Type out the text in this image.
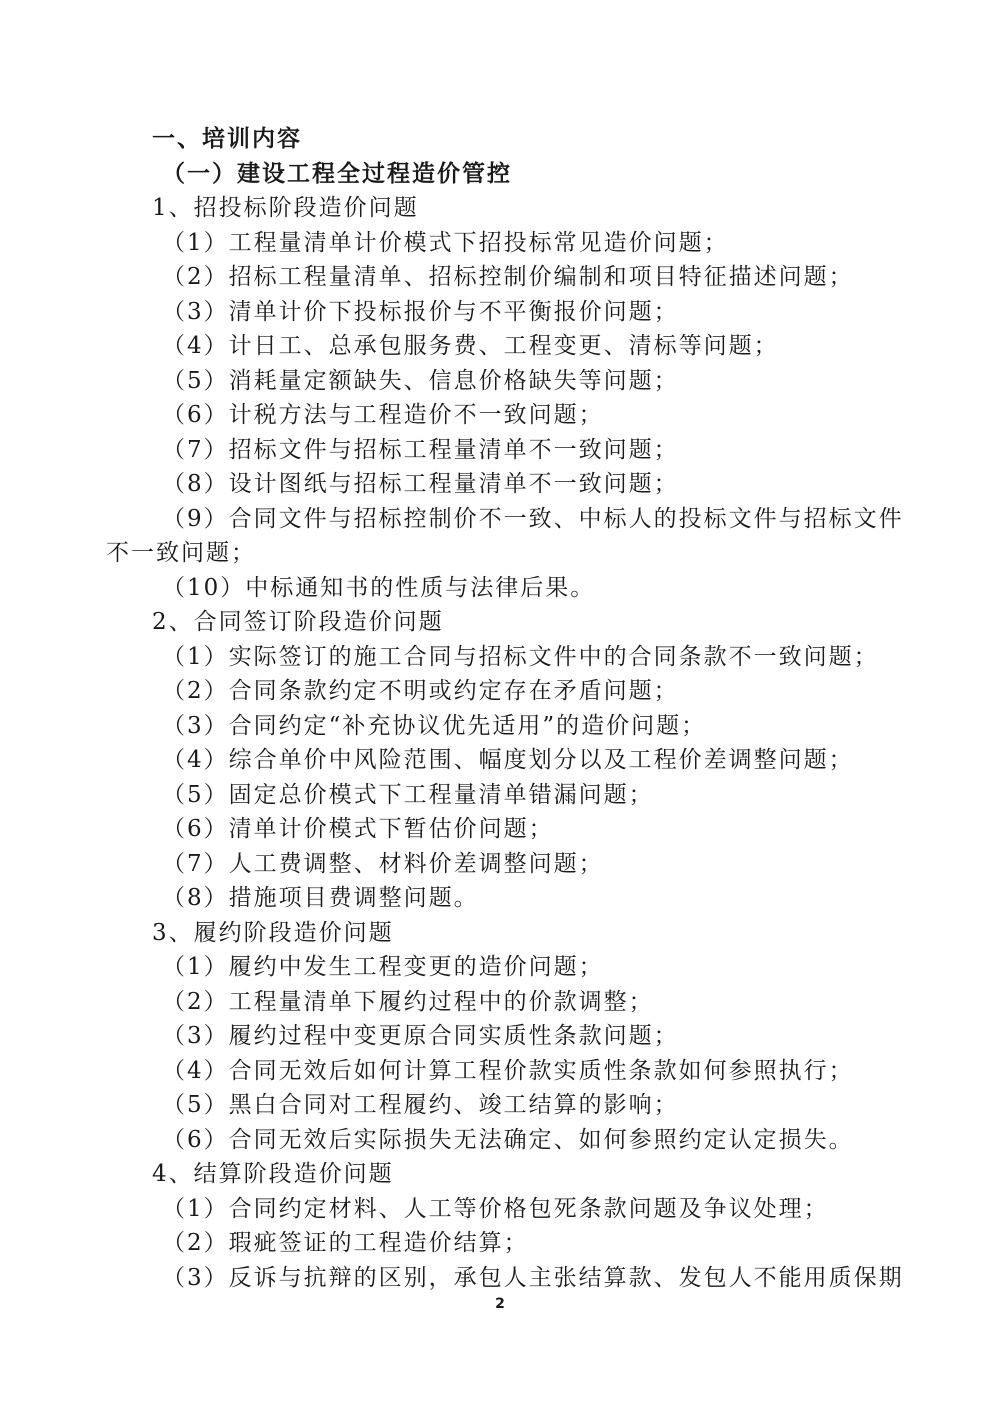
一、培训内容
（一）建设工程全过程造价管控
1、招投标阶段造价问题
（1）工程量清单计价模式下招投标常见造价问题；
（2）招标工程量清单、招标控制价编制和项目特征描述问题；
（3）清单计价下投标报价与不平衡报价问题；
（4）计日工、总承包服务费、工程变更、清标等问题；
（5）消耗量定额缺失、信息价格缺失等问题；
（6）计税方法与工程造价不一致问题；
（7）招标文件与招标工程量清单不一致问题；
（8）设计图纸与招标工程量清单不一致问题；
（9）合同文件与招标控制价不一致、中标人的投标文件与招标文件
不一致问题；
（10）中标通知书的性质与法律后果。
2、合同签订阶段造价问题
（1）实际签订的施工合同与招标文件中的合同条款不一致问题；
（2）合同条款约定不明或约定存在矛盾问题；
（3）合同约定“补充协议优先适用”的造价问题；
（4）综合单价中风险范围、幅度划分以及工程价差调整问题；
（5）固定总价模式下工程量清单错漏问题；
（6）清单计价模式下暂估价问题；
（7）人工费调整、材料价差调整问题；
（8）措施项目费调整问题。
3、履约阶段造价问题
（1）履约中发生工程变更的造价问题；
（2）工程量清单下履约过程中的价款调整；
（3）履约过程中变更原合同实质性条款问题；
（4）合同无效后如何计算工程价款实质性条款如何参照执行；
（5）黑白合同对工程履约、竣工结算的影响；
（6）合同无效后实际损失无法确定、如何参照约定认定损失。
4、结算阶段造价问题
（1）合同约定材料、人工等价格包死条款问题及争议处理；
（2）瑕疵签证的工程造价结算；
（3）反诉与抗辩的区别，承包人主张结算款、发包人不能用质保期
2
